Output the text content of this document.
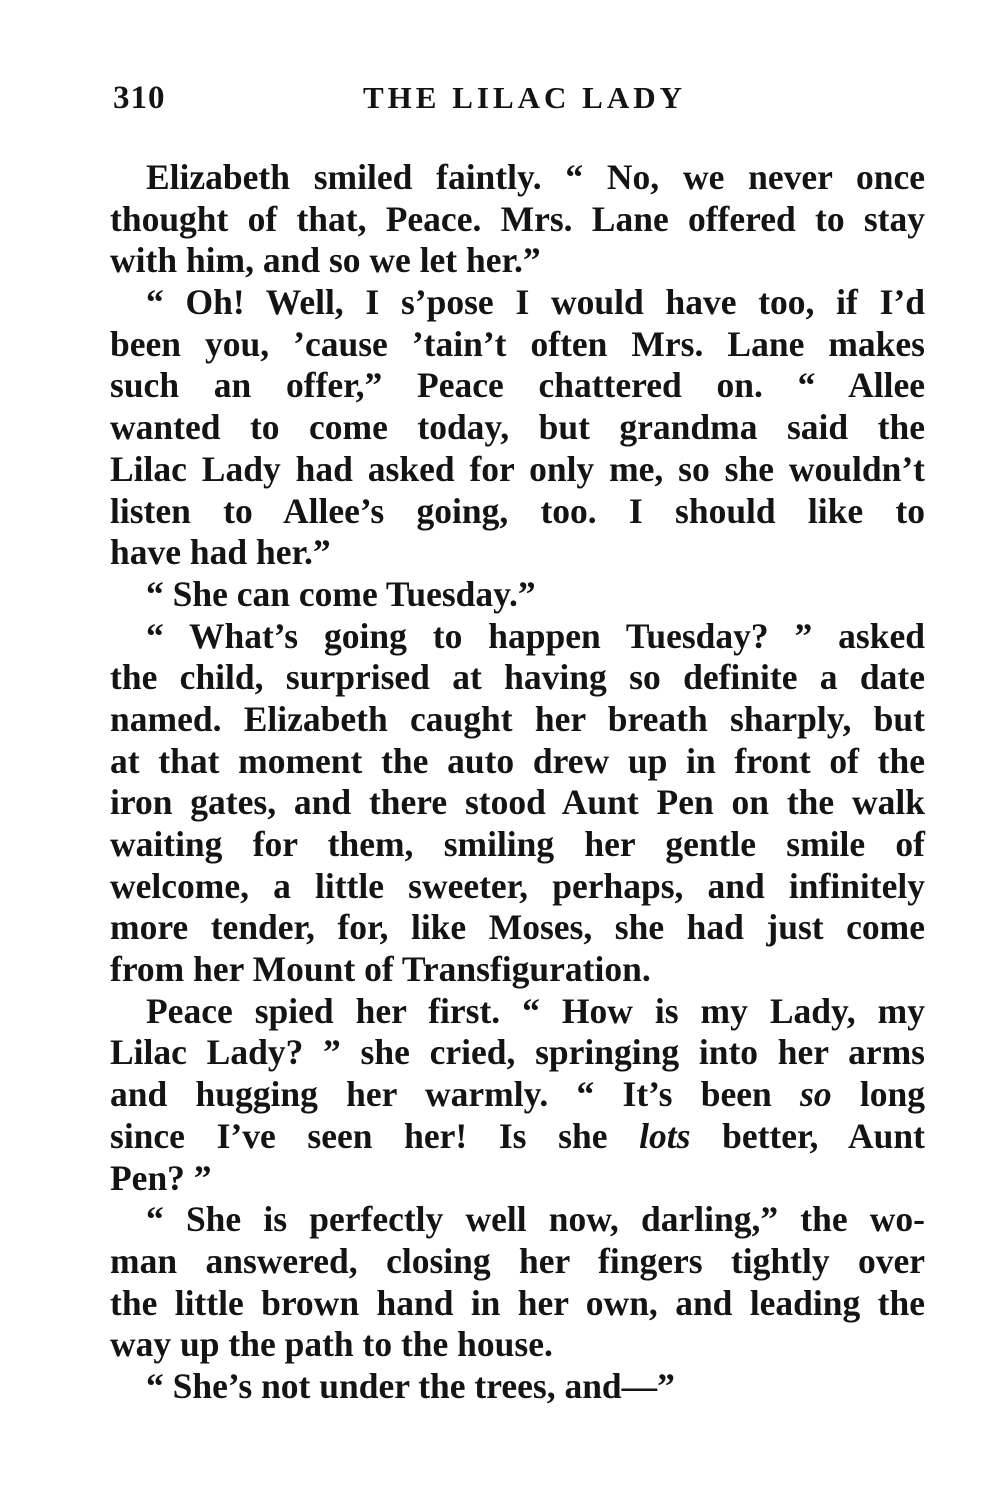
310	THE LILAC LADY
Elizabeth smiled faintly. “ No, we never once
thought of that, Peace. Mrs. Lane offered to stay
with him, and so we let her.”
“ Oh! Well, I s’pose I would have too, if I’d
been you, ’cause ’tain’t often Mrs. Lane makes
such an offer,” Peace chattered on. “ Allee
wanted to come today, but grandma said the
Lilac Lady had asked for only me, so she wouldn’t
listen to Allee’s going, too. I should like to
have had her.”
“ She can come Tuesday.”
“ What’s going to happen Tuesday? ” asked
the child, surprised at having so definite a date
named. Elizabeth caught her breath sharply, but
at that moment the auto drew up in front of the
iron gates, and there stood Aunt Pen on the walk
waiting for them, smiling her gentle smile of
welcome, a little sweeter, perhaps, and infinitely
more tender, for, like Moses, she had just come
from her Mount of Transfiguration.
Peace spied her first. “ How is my Lady, my
Lilac Lady? ” she cried, springing into her arms
and hugging her warmly. “ It’s been so long
since I’ve seen her! Is she lots better, Aunt
Pen? ”
“ She is perfectly well now, darling,” the wo-
man answered, closing her fingers tightly over
the little brown hand in her own, and leading the
way up the path to the house.
“ She’s not under the trees, and—”
